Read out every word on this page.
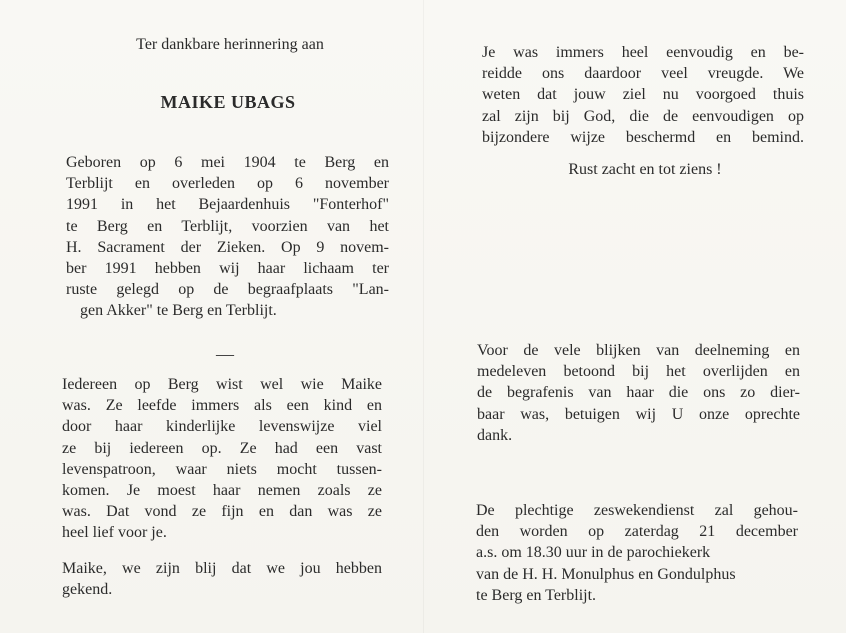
Ter dankbare herinnering aan
MAIKE UBAGS
Geboren op 6 mei 1904 te Berg en
Terblijt en overleden op 6 november
1991 in het Bejaardenhuis "Fonterhof"
te Berg en Terblijt, voorzien van het
H. Sacrament der Zieken. Op 9 novem-
ber 1991 hebben wij haar lichaam ter
ruste gelegd op de begraafplaats "Lan-
gen Akker" te Berg en Terblijt.
—
Iedereen op Berg wist wel wie Maike
was. Ze leefde immers als een kind en
door haar kinderlijke levenswijze viel
ze bij iedereen op. Ze had een vast
levenspatroon, waar niets mocht tussen-
komen. Je moest haar nemen zoals ze
was. Dat vond ze fijn en dan was ze
heel lief voor je.
Maike, we zijn blij dat we jou hebben
gekend.
Je was immers heel eenvoudig en be-
reidde ons daardoor veel vreugde. We
weten dat jouw ziel nu voorgoed thuis
zal zijn bij God, die de eenvoudigen op
bijzondere wijze beschermd en bemind.
Rust zacht en tot ziens !
Voor de vele blijken van deelneming en
medeleven betoond bij het overlijden en
de begrafenis van haar die ons zo dier-
baar was, betuigen wij U onze oprechte
dank.
De plechtige zeswekendienst zal gehou-
den worden op zaterdag 21 december
a.s. om 18.30 uur in de parochiekerk
van de H. H. Monulphus en Gondulphus
te Berg en Terblijt.
